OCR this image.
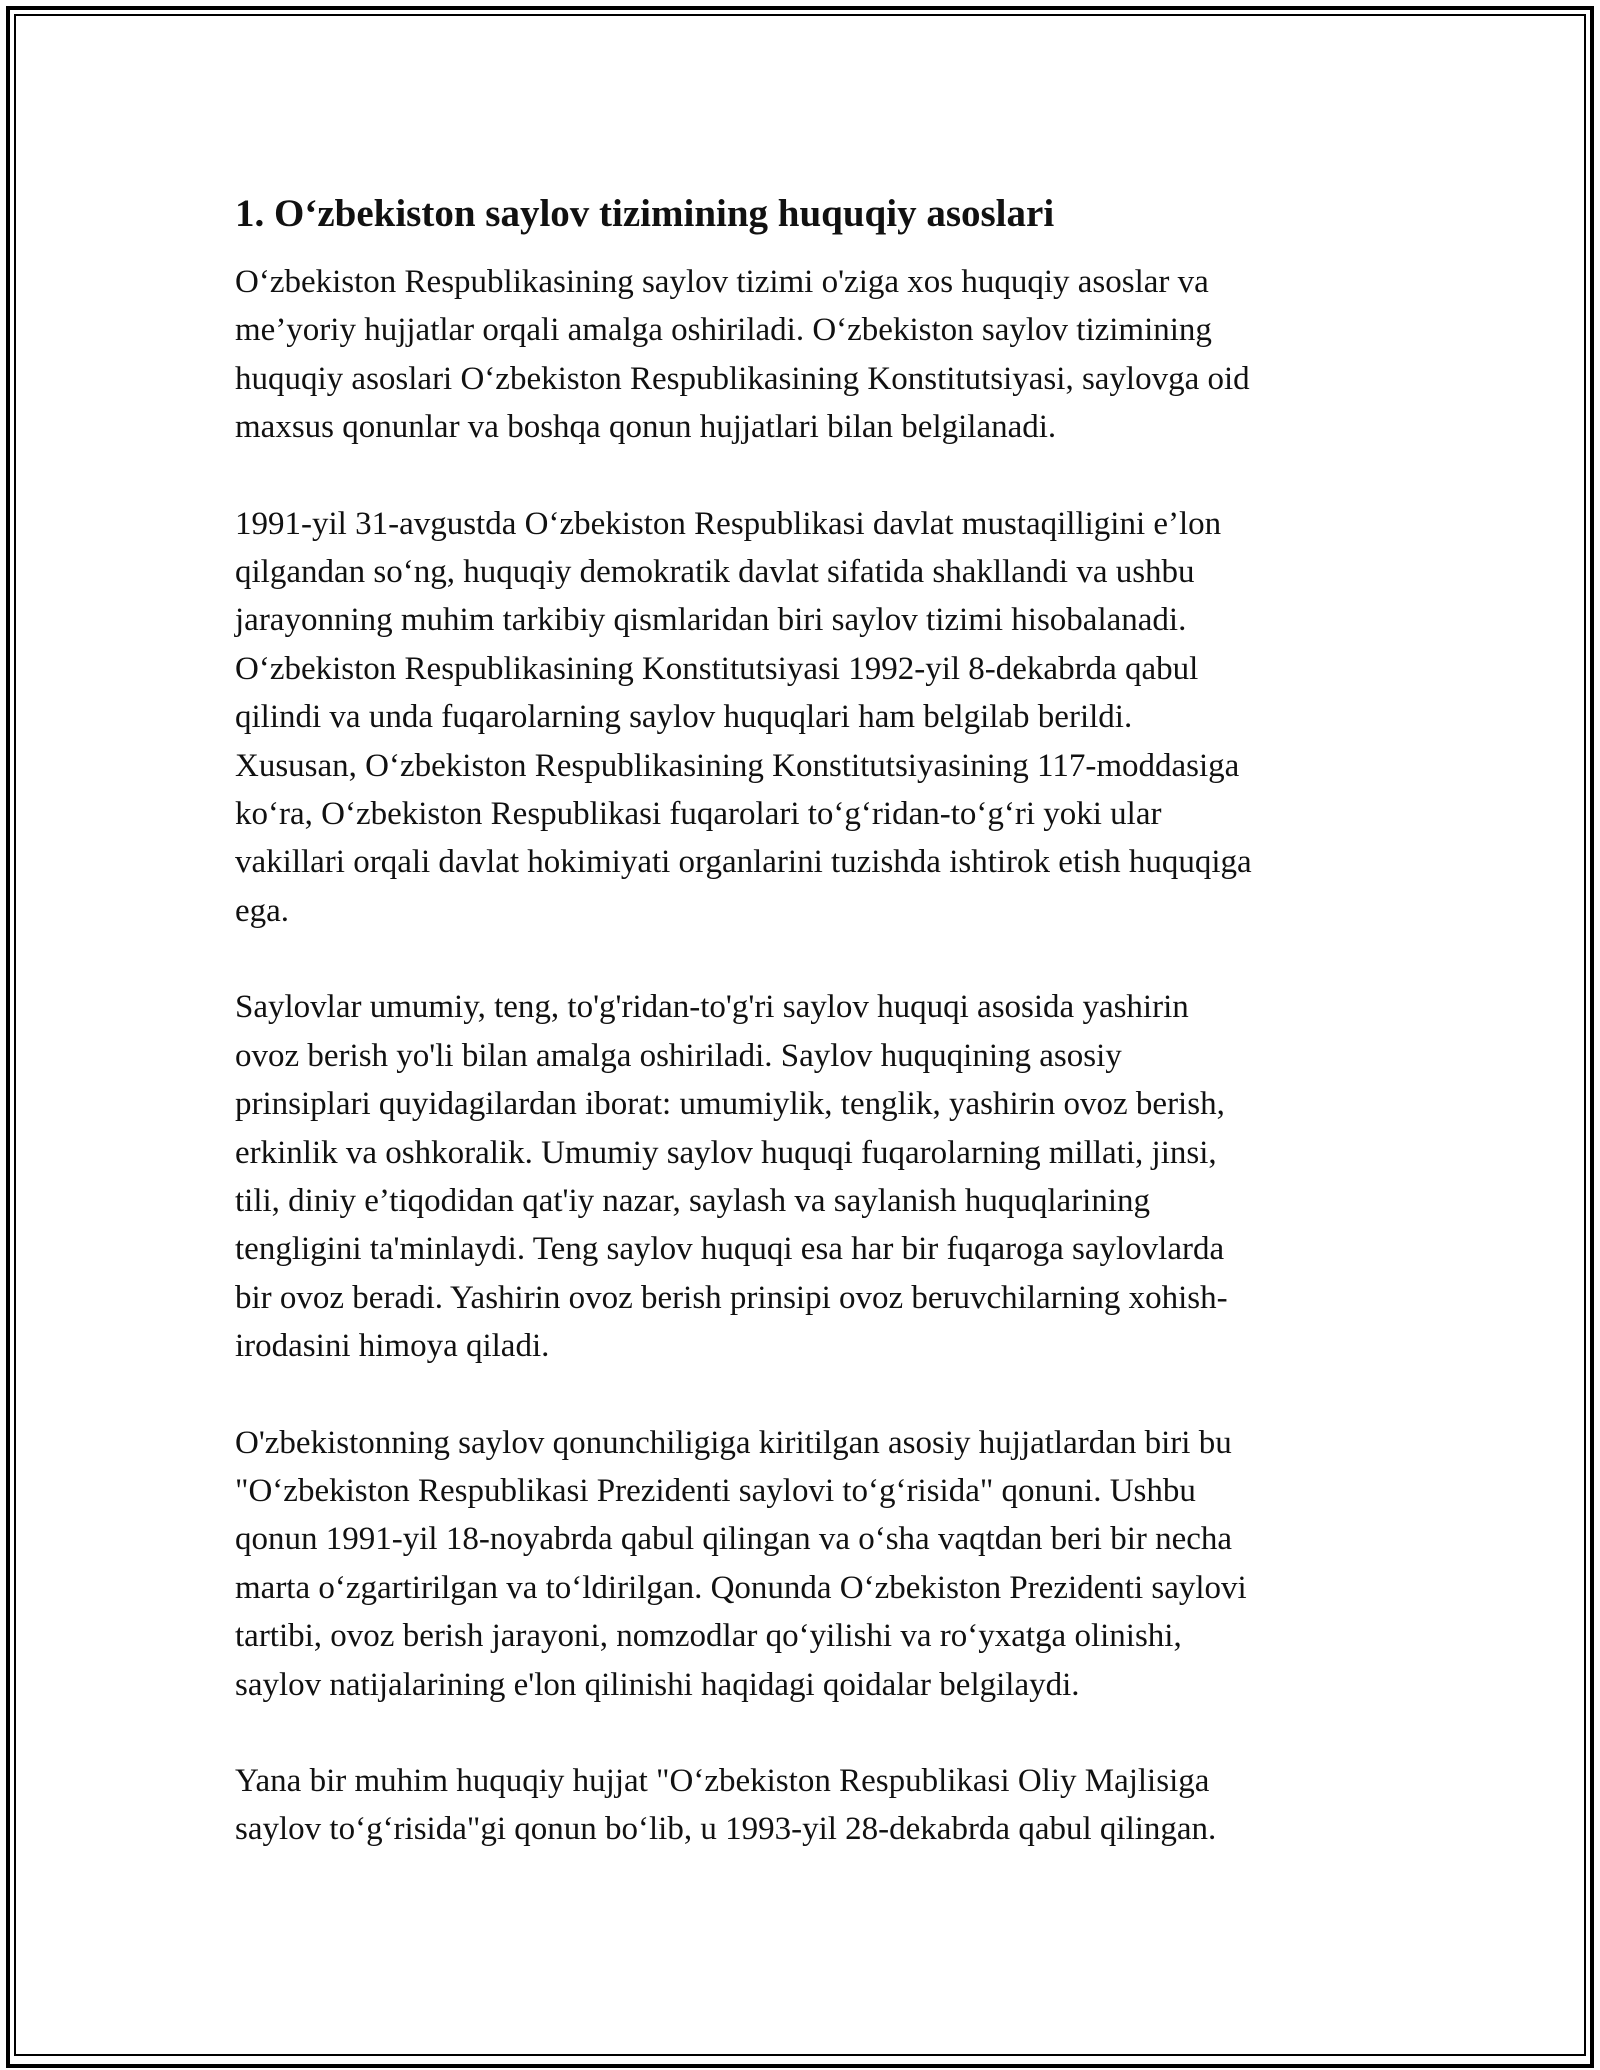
1. O‘zbekiston saylov tizimining huquqiy asoslari

O‘zbekiston Respublikasining saylov tizimi o'ziga xos huquqiy asoslar va
me’yoriy hujjatlar orqali amalga oshiriladi. O‘zbekiston saylov tizimining
huquqiy asoslari O‘zbekiston Respublikasining Konstitutsiyasi, saylovga oid
maxsus qonunlar va boshqa qonun hujjatlari bilan belgilanadi.

1991-yil 31-avgustda O‘zbekiston Respublikasi davlat mustaqilligini e’lon
qilgandan so‘ng, huquqiy demokratik davlat sifatida shakllandi va ushbu
jarayonning muhim tarkibiy qismlaridan biri saylov tizimi hisobalanadi.
O‘zbekiston Respublikasining Konstitutsiyasi 1992-yil 8-dekabrda qabul
qilindi va unda fuqarolarning saylov huquqlari ham belgilab berildi.
Xususan, O‘zbekiston Respublikasining Konstitutsiyasining 117-moddasiga
ko‘ra, O‘zbekiston Respublikasi fuqarolari to‘g‘ridan-to‘g‘ri yoki ular
vakillari orqali davlat hokimiyati organlarini tuzishda ishtirok etish huquqiga
ega.

Saylovlar umumiy, teng, to'g'ridan-to'g'ri saylov huquqi asosida yashirin
ovoz berish yo'li bilan amalga oshiriladi. Saylov huquqining asosiy
prinsiplari quyidagilardan iborat: umumiylik, tenglik, yashirin ovoz berish,
erkinlik va oshkoralik. Umumiy saylov huquqi fuqarolarning millati, jinsi,
tili, diniy e’tiqodidan qat'iy nazar, saylash va saylanish huquqlarining
tengligini ta'minlaydi. Teng saylov huquqi esa har bir fuqaroga saylovlarda
bir ovoz beradi. Yashirin ovoz berish prinsipi ovoz beruvchilarning xohish-
irodasini himoya qiladi.

O'zbekistonning saylov qonunchiligiga kiritilgan asosiy hujjatlardan biri bu
"O‘zbekiston Respublikasi Prezidenti saylovi to‘g‘risida" qonuni. Ushbu
qonun 1991-yil 18-noyabrda qabul qilingan va o‘sha vaqtdan beri bir necha
marta o‘zgartirilgan va to‘ldirilgan. Qonunda O‘zbekiston Prezidenti saylovi
tartibi, ovoz berish jarayoni, nomzodlar qo‘yilishi va ro‘yxatga olinishi,
saylov natijalarining e'lon qilinishi haqidagi qoidalar belgilaydi.

Yana bir muhim huquqiy hujjat "O‘zbekiston Respublikasi Oliy Majlisiga
saylov to‘g‘risida"gi qonun bo‘lib, u 1993-yil 28-dekabrda qabul qilingan.
